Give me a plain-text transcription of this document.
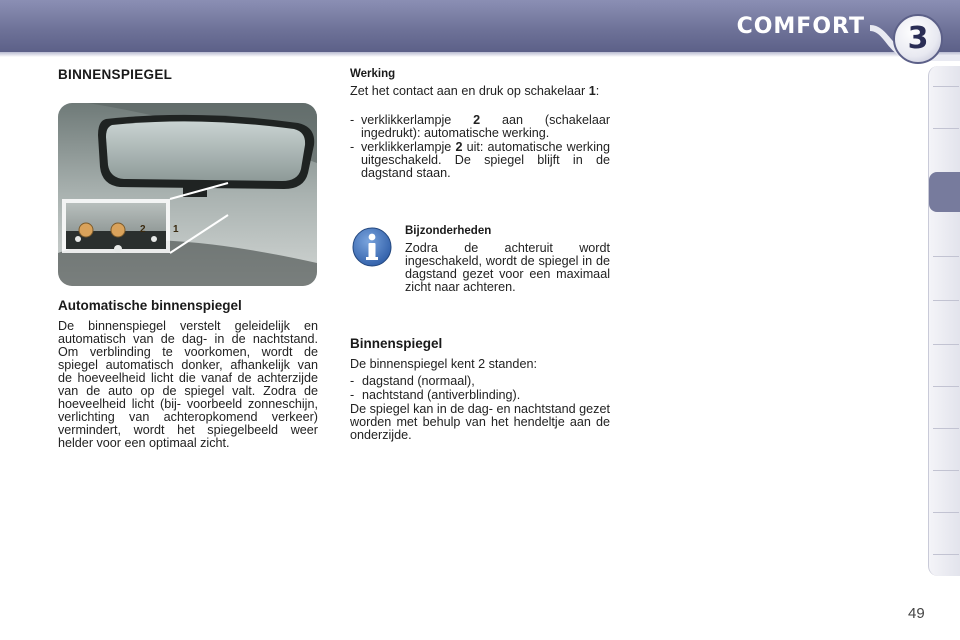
COMFORT	3
BINNENSPIEGEL
2	1
Automatische binnenspiegel

De binnenspiegel verstelt geleidelijk en automatisch van de dag- in de nachtstand. Om verblinding te voorkomen, wordt de spiegel automatisch donker, afhankelijk van de hoeveelheid licht die vanaf de achterzijde van de auto op de spiegel valt. Zodra de hoeveelheid licht (bij- voorbeeld zonneschijn, verlichting van achteropkomend verkeer) vermindert, wordt het spiegelbeeld weer helder voor een optimaal zicht.

Werking
Zet het contact aan en druk op schakelaar 1:
- verklikkerlampje 2 aan (schakelaar ingedrukt): automatische werking.
- verklikkerlampje 2 uit: automatische werking uitgeschakeld. De spiegel blijft in de dagstand staan.
Bijzonderheden

Zodra de achteruit wordt ingeschakeld, wordt de spiegel in de dagstand gezet voor een maximaal zicht naar achteren.

Binnenspiegel
De binnenspiegel kent 2 standen:
- dagstand (normaal),
- nachtstand (antiverblinding).

De spiegel kan in de dag- en nachtstand gezet worden met behulp van het hendeltje aan de onderzijde.

49
